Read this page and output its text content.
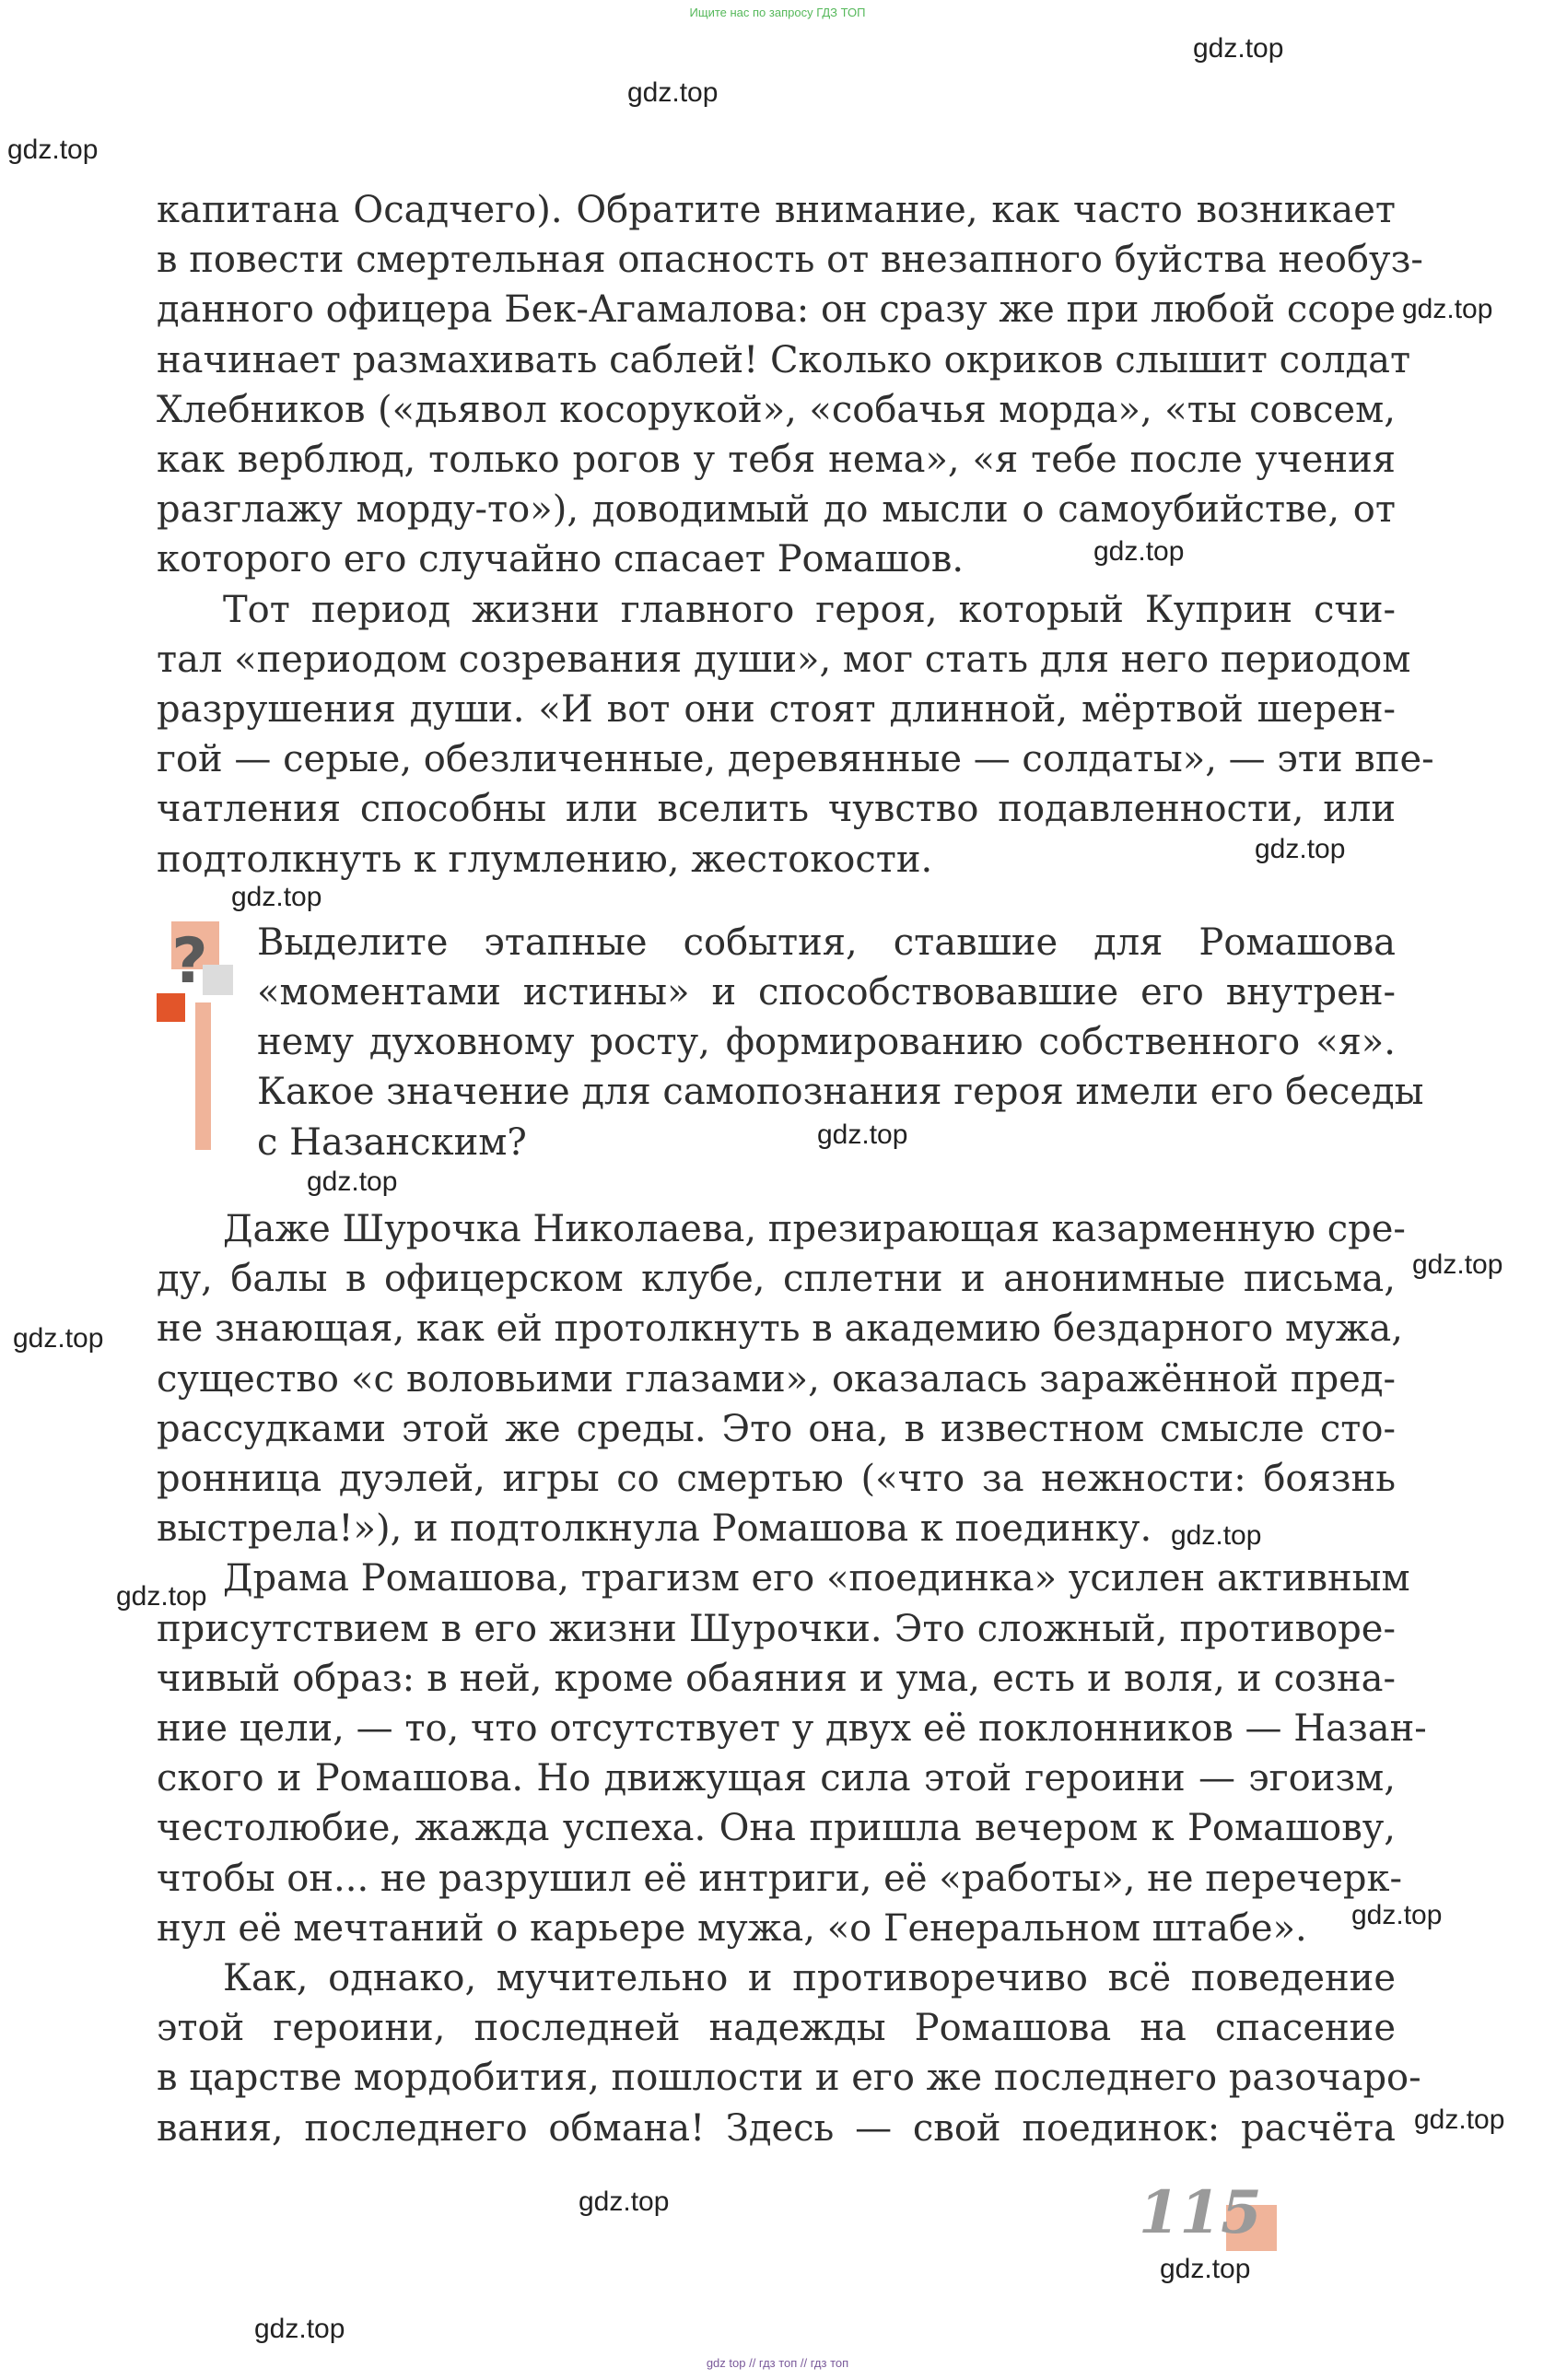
Ищите нас по запросу ГДЗ ТОП
капитана Осадчего). Обратите внимание, как часто возникает
в повести смертельная опасность от внезапного буйства необуз-
данного офицера Бек-Агамалова: он сразу же при любой ссоре
начинает размахивать саблей! Сколько окриков слышит солдат
Хлебников («дьявол косорукой», «собачья морда», «ты совсем,
как верблюд, только рогов у тебя нема», «я тебе после учения
разглажу морду-то»), доводимый до мысли о самоубийстве, от
которого его случайно спасает Ромашов.
Тот период жизни главного героя, который Куприн счи-
тал «периодом созревания души», мог стать для него периодом
разрушения души. «И вот они стоят длинной, мёртвой шерен-
гой — серые, обезличенные, деревянные — солдаты», — эти впе-
чатления способны или вселить чувство подавленности, или
подтолкнуть к глумлению, жестокости.
? Выделите этапные события, ставшие для Ромашова
«моментами истины» и способствовавшие его внутрен-
нему духовному росту, формированию собственного «я».
Какое значение для самопознания героя имели его беседы
с Назанским?
Даже Шурочка Николаева, презирающая казарменную сре-
ду, балы в офицерском клубе, сплетни и анонимные письма,
не знающая, как ей протолкнуть в академию бездарного мужа,
существо «с воловьими глазами», оказалась заражённой пред-
рассудками этой же среды. Это она, в известном смысле сто-
ронница дуэлей, игры со смертью («что за нежности: боязнь
выстрела!»), и подтолкнула Ромашова к поединку.
Драма Ромашова, трагизм его «поединка» усилен активным
присутствием в его жизни Шурочки. Это сложный, противоре-
чивый образ: в ней, кроме обаяния и ума, есть и воля, и созна-
ние цели, — то, что отсутствует у двух её поклонников — Назан-
ского и Ромашова. Но движущая сила этой героини — эгоизм,
честолюбие, жажда успеха. Она пришла вечером к Ромашову,
чтобы он... не разрушил её интриги, её «работы», не перечерк-
нул её мечтаний о карьере мужа, «о Генеральном штабе».
Как, однако, мучительно и противоречиво всё поведение
этой героини, последней надежды Ромашова на спасение
в царстве мордобития, пошлости и его же последнего разочаро-
вания, последнего обмана! Здесь — свой поединок: расчёта
115
gdz.top
gdz.top
gdz.top
gdz.top
gdz.top
gdz.top
gdz.top
gdz.top
gdz.top
gdz.top
gdz.top
gdz.top
gdz.top
gdz.top
gdz.top
gdz.top
gdz.top
gdz.top
gdz top // гдз топ // гдз топ
